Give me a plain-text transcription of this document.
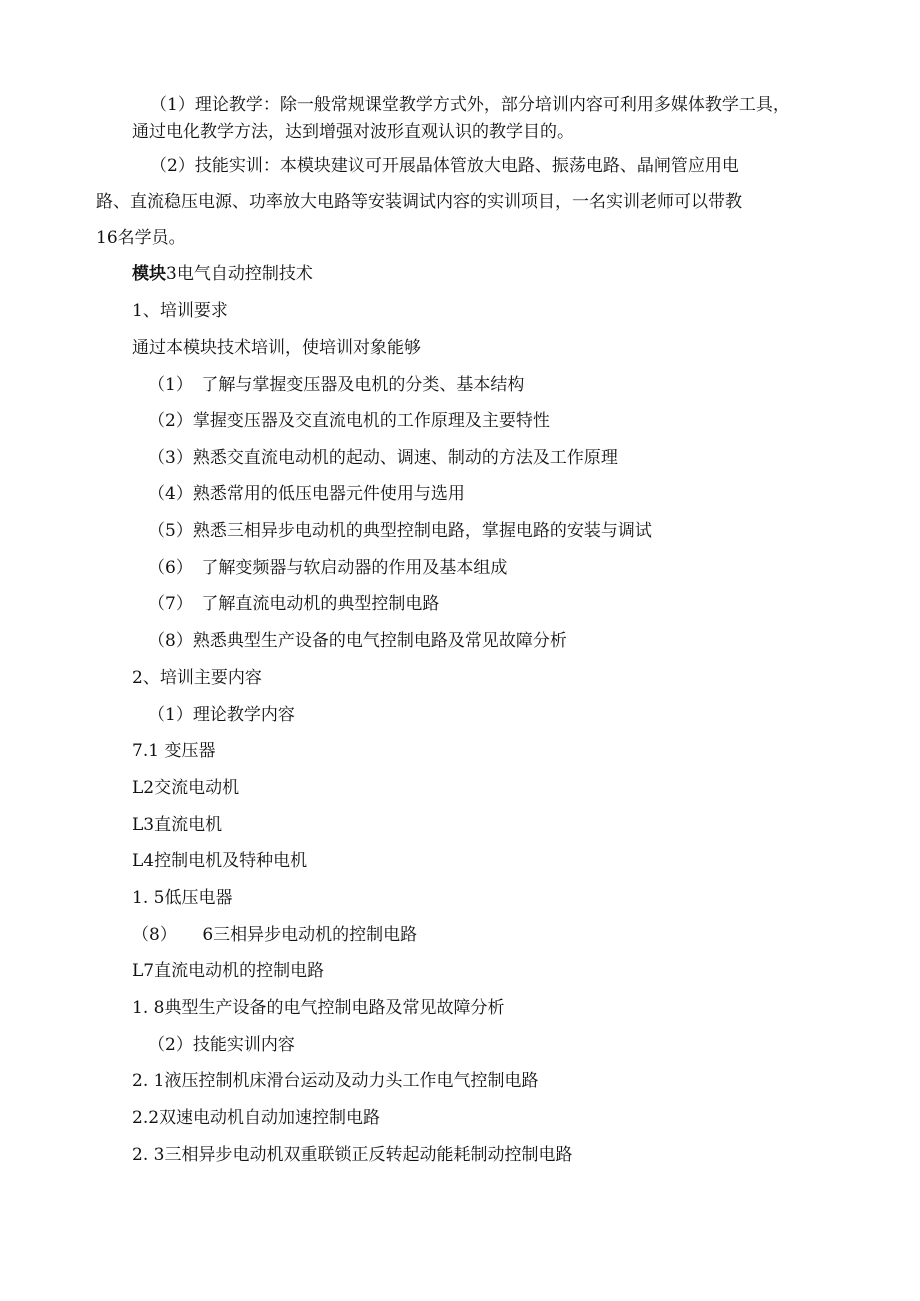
（1）理论教学：除一般常规课堂教学方式外，部分培训内容可利用多媒体教学工具，
通过电化教学方法，达到增强对波形直观认识的教学目的。
（2）技能实训：本模块建议可开展晶体管放大电路、振荡电路、晶闸管应用电
路、直流稳压电源、功率放大电路等安装调试内容的实训项目，一名实训老师可以带教
16名学员。
模块3电气自动控制技术
1、培训要求
通过本模块技术培训，使培训对象能够
（1）　了解与掌握变压器及电机的分类、基本结构
（2）掌握变压器及交直流电机的工作原理及主要特性
（3）熟悉交直流电动机的起动、调速、制动的方法及工作原理
（4）熟悉常用的低压电器元件使用与选用
（5）熟悉三相异步电动机的典型控制电路，掌握电路的安装与调试
（6）　了解变频器与软启动器的作用及基本组成
（7）　了解直流电动机的典型控制电路
（8）熟悉典型生产设备的电气控制电路及常见故障分析
2、培训主要内容
（1）理论教学内容
7.1 变压器
L2交流电动机
L3直流电机
L4控制电机及特种电机
1. 5低压电器
（8）　　6三相异步电动机的控制电路
L7直流电动机的控制电路
1. 8典型生产设备的电气控制电路及常见故障分析
（2）技能实训内容
2. 1液压控制机床滑台运动及动力头工作电气控制电路
2.2双速电动机自动加速控制电路
2. 3三相异步电动机双重联锁正反转起动能耗制动控制电路
